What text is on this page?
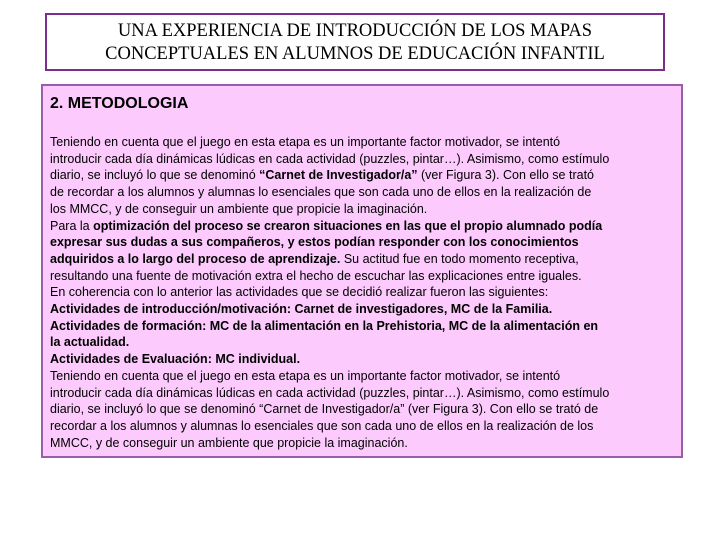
UNA EXPERIENCIA DE INTRODUCCIÓN DE LOS MAPAS
CONCEPTUALES EN ALUMNOS DE EDUCACIÓN INFANTIL
2. METODOLOGIA
Teniendo en cuenta que el juego en esta etapa es un importante factor motivador, se intentó
introducir cada día dinámicas lúdicas en cada actividad (puzzles, pintar…). Asimismo, como estímulo
diario, se incluyó lo que se denominó “Carnet de Investigador/a” (ver Figura 3). Con ello se trató
de recordar a los alumnos y alumnas lo esenciales que son cada uno de ellos en la realización de
los MMCC, y de conseguir un ambiente que propicie la imaginación.
Para la optimización del proceso se crearon situaciones en las que el propio alumnado podía
expresar sus dudas a sus compañeros, y estos podían responder con los conocimientos
adquiridos a lo largo del proceso de aprendizaje. Su actitud fue en todo momento receptiva,
resultando una fuente de motivación extra el hecho de escuchar las explicaciones entre iguales.
En coherencia con lo anterior las actividades que se decidió realizar fueron las siguientes:
Actividades de introducción/motivación: Carnet de investigadores, MC de la Familia.
Actividades de formación: MC de la alimentación en la Prehistoria, MC de la alimentación en
la actualidad.
Actividades de Evaluación: MC individual.
Teniendo en cuenta que el juego en esta etapa es un importante factor motivador, se intentó
introducir cada día dinámicas lúdicas en cada actividad (puzzles, pintar…). Asimismo, como estímulo
diario, se incluyó lo que se denominó “Carnet de Investigador/a” (ver Figura 3). Con ello se trató de
recordar a los alumnos y alumnas lo esenciales que son cada uno de ellos en la realización de los
MMCC, y de conseguir un ambiente que propicie la imaginación.
